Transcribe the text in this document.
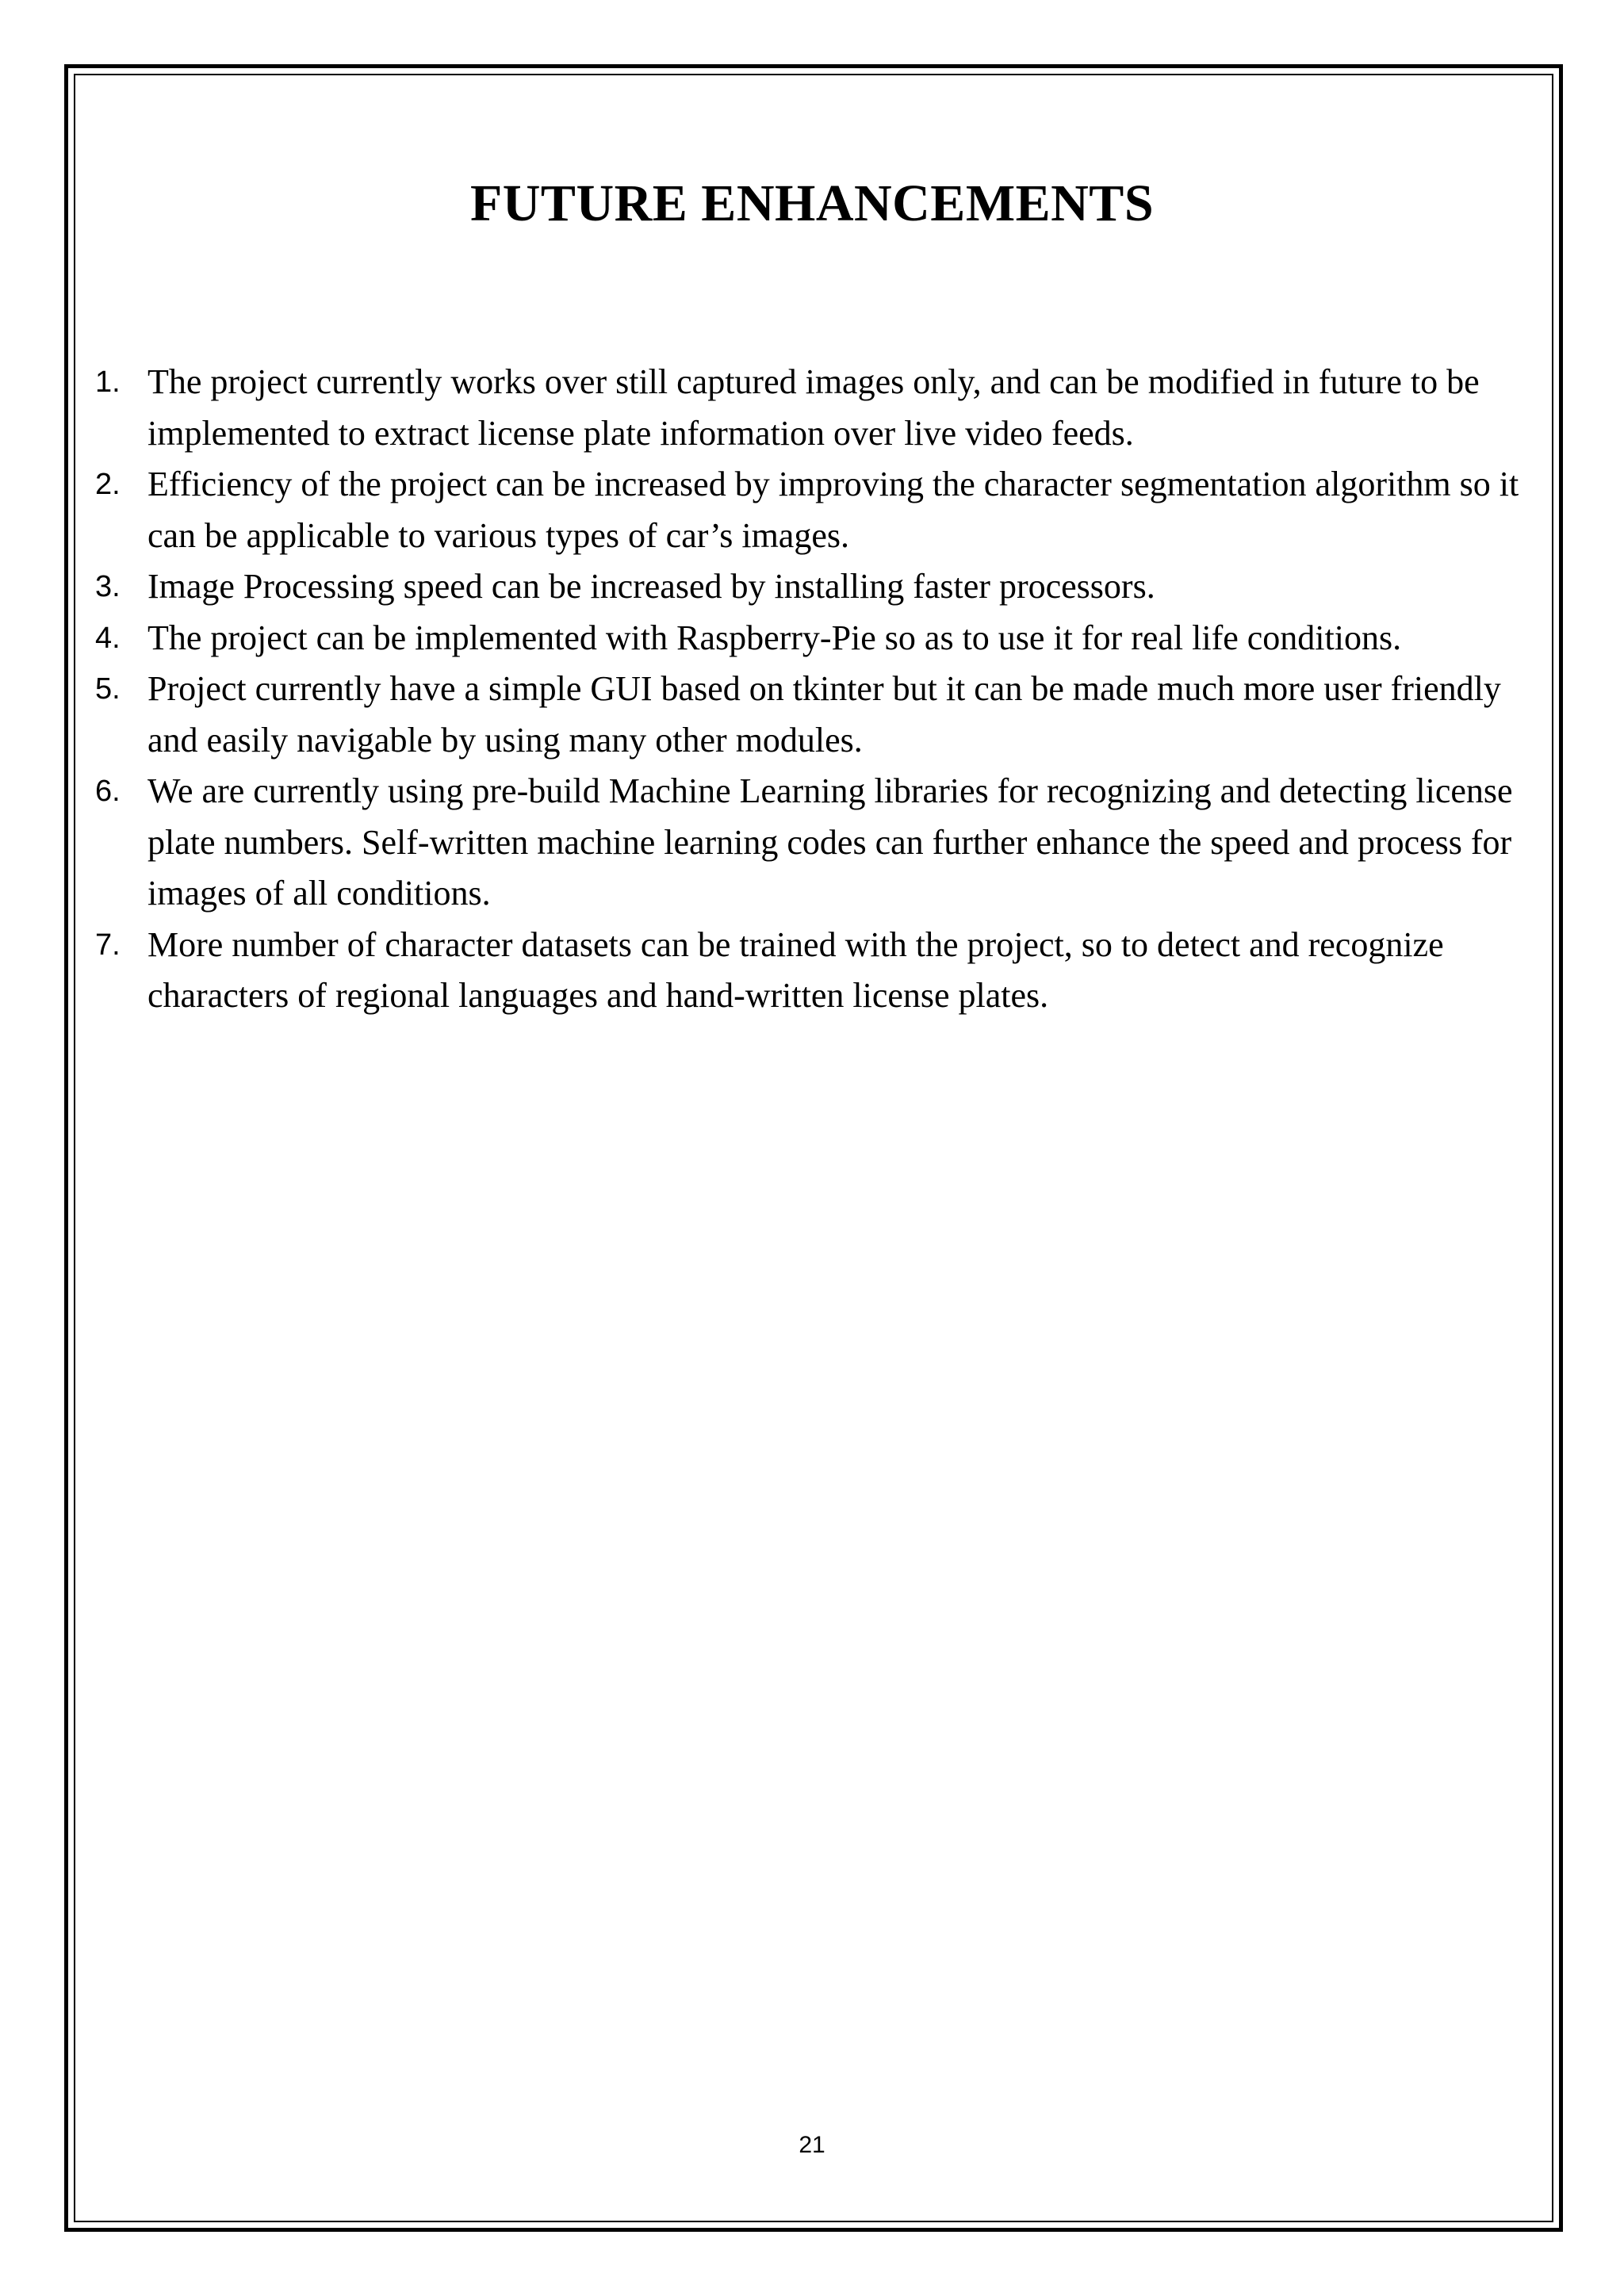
FUTURE ENHANCEMENTS
1. The project currently works over still captured images only, and can be modified in future to be implemented to extract license plate information over live video feeds.
2. Efficiency of the project can be increased by improving the character segmentation algorithm so it can be applicable to various types of car’s images.
3. Image Processing speed can be increased by installing faster processors.
4. The project can be implemented with Raspberry-Pie so as to use it for real life conditions.
5. Project currently have a simple GUI based on tkinter but it can be made much more user friendly and easily navigable by using many other modules.
6. We are currently using pre-build Machine Learning libraries for recognizing and detecting license plate numbers. Self-written machine learning codes can further enhance the speed and process for images of all conditions.
7. More number of character datasets can be trained with the project, so to detect and recognize characters of regional languages and hand-written license plates.
21
